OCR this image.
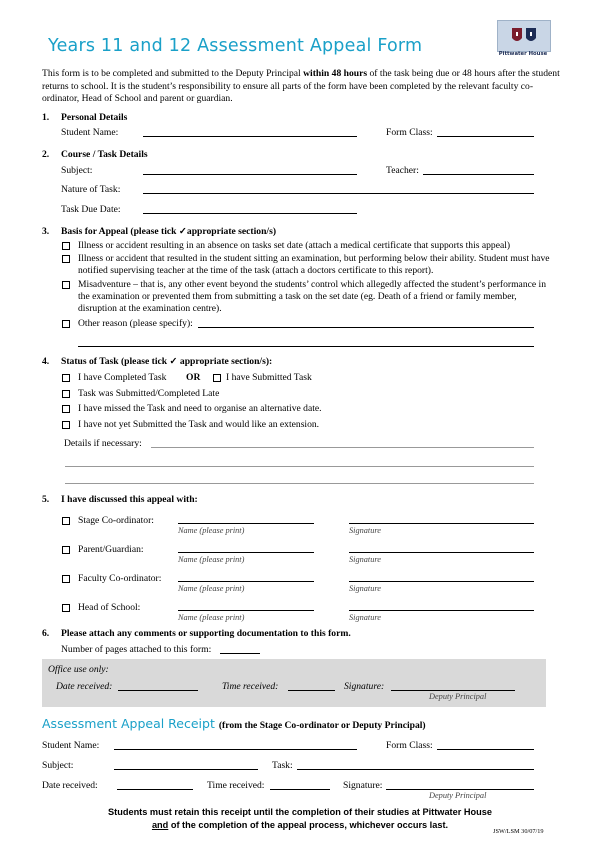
Years 11 and 12 Assessment Appeal Form	Pittwater House
This form is to be completed and submitted to the Deputy Principal within 48 hours of the task being due or 48 hours after the student returns to school. It is the student’s responsibility to ensure all parts of the form have been completed by the relevant faculty co-ordinator, Head of School and parent or guardian.
1. Personal Details
Student Name:	Form Class:
2. Course / Task Details
Subject:	Teacher:
Nature of Task:
Task Due Date:
3. Basis for Appeal (please tick ✓appropriate section/s)
Illness or accident resulting in an absence on tasks set date (attach a medical certificate that supports this appeal)
Illness or accident that resulted in the student sitting an examination, but performing below their ability. Student must have notified supervising teacher at the time of the task (attach a doctors certificate to this report).
Misadventure – that is, any other event beyond the students’ control which allegedly affected the student’s performance in the examination or prevented them from submitting a task on the set date (eg. Death of a friend or family member, disruption at the examination centre).
Other reason (please specify):
4. Status of Task (please tick ✓ appropriate section/s):
I have Completed Task OR	I have Submitted Task
Task was Submitted/Completed Late
I have missed the Task and need to organise an alternative date.
I have not yet Submitted the Task and would like an extension.
Details if necessary:
5. I have discussed this appeal with:
Stage Co-ordinator:
Name (please print)	Signature
Parent/Guardian:
Name (please print)	Signature
Faculty Co-ordinator:
Name (please print)	Signature
Head of School:
Name (please print)	Signature
6. Please attach any comments or supporting documentation to this form.
Number of pages attached to this form:
Office use only:
Date received:	Time received:	Signature:
Deputy Principal
Assessment Appeal Receipt (from the Stage Co-ordinator or Deputy Principal)
Student Name:	Form Class:
Subject:	Task:
Date received:	Time received:	Signature:
Deputy Principal
Students must retain this receipt until the completion of their studies at Pittwater House
and of the completion of the appeal process, whichever occurs last.
JSW/LSM 30/07/19
